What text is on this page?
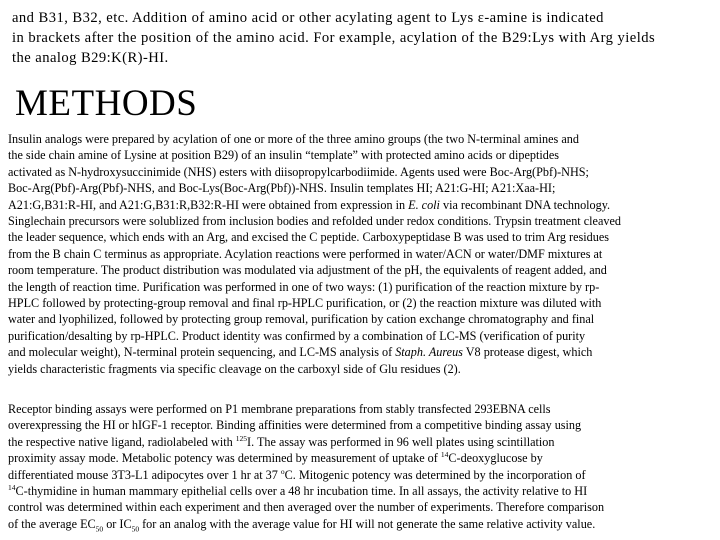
and B31, B32, etc. Addition of amino acid or other acylating agent to Lys ε-amine is indicated

in brackets after the position of the amino acid. For example, acylation of the B29:Lys with Arg yields

the analog B29:K(R)-HI.

METHODS
Insulin analogs were prepared by acylation of one or more of the three amino groups (the two N-terminal amines and
the side chain amine of Lysine at position B29) of an insulin “template” with protected amino acids or dipeptides
activated as N-hydroxysuccinimide (NHS) esters with diisopropylcarbodiimide. Agents used were Boc-Arg(Pbf)-NHS;
Boc-Arg(Pbf)-Arg(Pbf)-NHS, and Boc-Lys(Boc-Arg(Pbf))-NHS. Insulin templates HI; A21:G-HI; A21:Xaa-HI;
A21:G,B31:R-HI, and A21:G,B31:R,B32:R-HI were obtained from expression in E. coli via recombinant DNA technology.
Singlechain precursors were solublized from inclusion bodies and refolded under redox conditions. Trypsin treatment cleaved
the leader sequence, which ends with an Arg, and excised the C peptide. Carboxypeptidase B was used to trim Arg residues
from the B chain C terminus as appropriate. Acylation reactions were performed in water/ACN or water/DMF mixtures at
room temperature. The product distribution was modulated via adjustment of the pH, the equivalents of reagent added, and
the length of reaction time. Purification was performed in one of two ways: (1) purification of the reaction mixture by rp-
HPLC followed by protecting-group removal and final rp-HPLC purification, or (2) the reaction mixture was diluted with
water and lyophilized, followed by protecting group removal, purification by cation exchange chromatography and final
purification/desalting by rp-HPLC. Product identity was confirmed by a combination of LC-MS (verification of purity
and molecular weight), N-terminal protein sequencing, and LC-MS analysis of Staph. Aureus V8 protease digest, which
yields characteristic fragments via specific cleavage on the carboxyl side of Glu residues (2).
Receptor binding assays were performed on P1 membrane preparations from stably transfected 293EBNA cells
overexpressing the HI or hIGF-1 receptor. Binding affinities were determined from a competitive binding assay using
the respective native ligand, radiolabeled with $^{125}$I. The assay was performed in 96 well plates using scintillation
proximity assay mode. Metabolic potency was determined by measurement of uptake of $^{14}$C-deoxyglucose by
differentiated mouse 3T3-L1 adipocytes over 1 hr at 37 $^o$C. Mitogenic potency was determined by the incorporation of
$^{14}$C-thymidine in human mammary epithelial cells over a 48 hr incubation time. In all assays, the activity relative to HI
control was determined within each experiment and then averaged over the number of experiments. Therefore comparison
of the average $EC_{50}$ or $IC_{50}$ for an analog with the average value for HI will not generate the same relative activity value.
